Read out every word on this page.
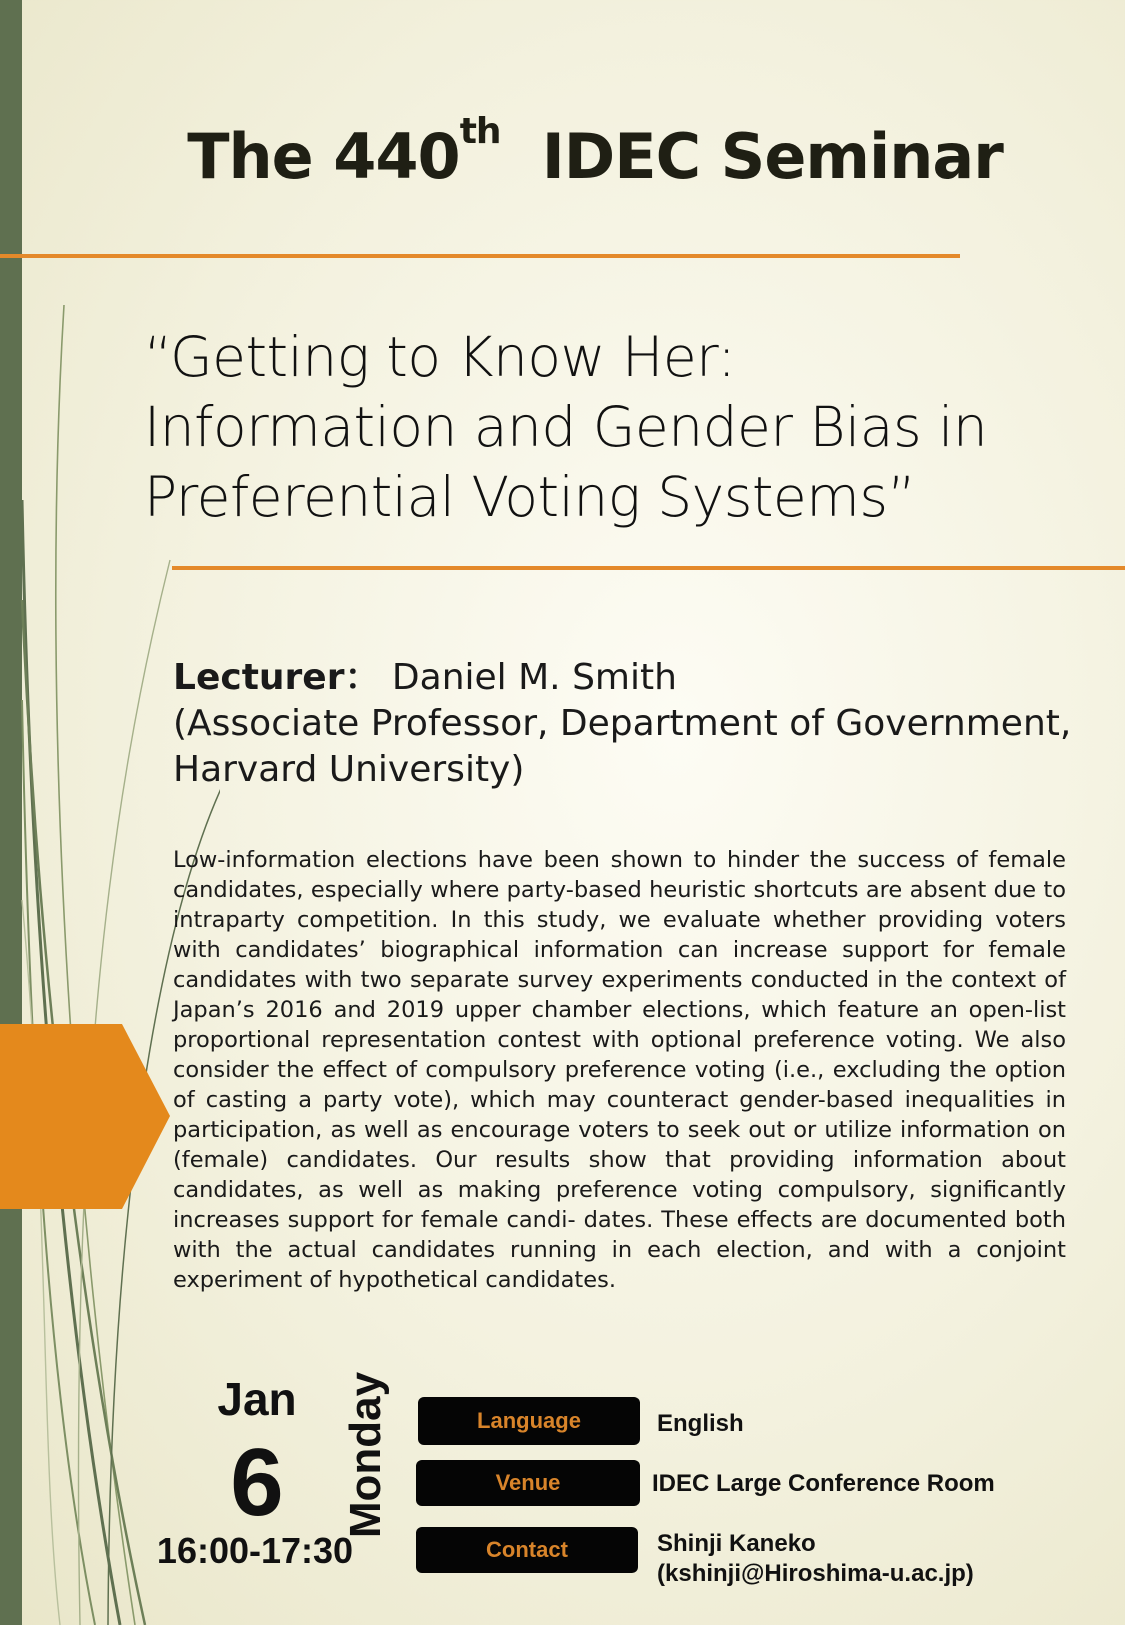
The 440th IDEC Seminar
“Getting to Know Her:
Information and Gender Bias in
Preferential Voting Systems”
Lecturer： Daniel M. Smith
(Associate Professor, Department of Government,
Harvard University)
Low-information elections have been shown to hinder the success of female candidates, especially where party-based heuristic shortcuts are absent due to intraparty competition. In this study, we evaluate whether providing voters with candidates’ biographical information can increase support for female candidates with two separate survey experiments conducted in the context of Japan’s 2016 and 2019 upper chamber elections, which feature an open-list proportional representation contest with optional preference voting. We also consider the effect of compulsory preference voting (i.e., excluding the option of casting a party vote), which may counteract gender-based inequalities in participation, as well as encourage voters to seek out or utilize information on (female) candidates. Our results show that providing information about candidates, as well as making preference voting compulsory, significantly increases support for female candi- dates. These effects are documented both with the actual candidates running in each election, and with a conjoint experiment of hypothetical candidates.
Jan
6
16:00-17:30
Monday	Language	English
Venue	IDEC Large Conference Room
Contact	Shinji Kaneko
(kshinji@Hiroshima-u.ac.jp)
